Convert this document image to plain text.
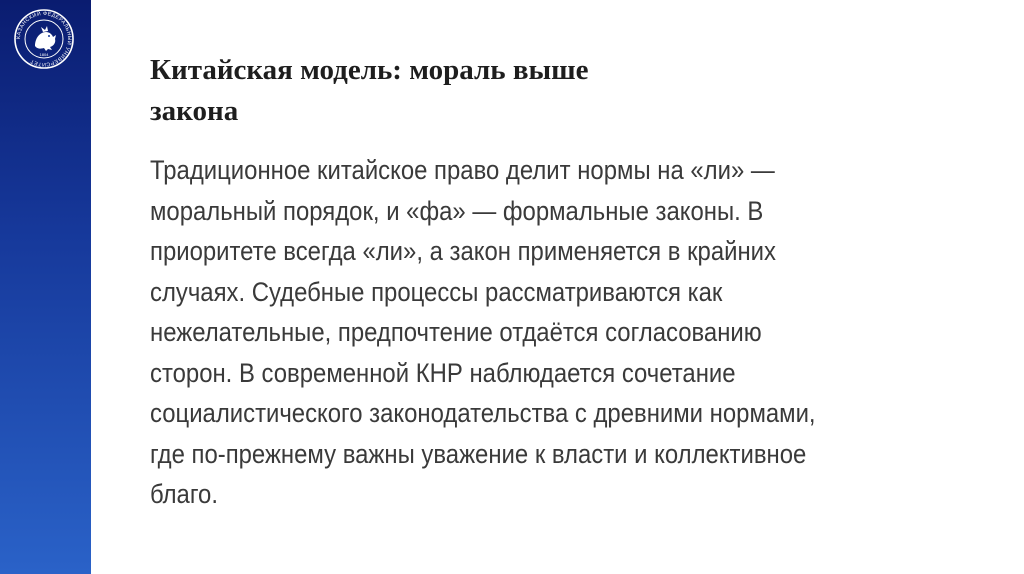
КАЗАНСКИЙ ФЕДЕРАЛЬНЫЙ УНИВЕРСИТЕТ
1804	Китайская модель: мораль выше
закона

Традиционное китайское право делит нормы на «ли» —
моральный порядок, и «фа» — формальные законы. В
приоритете всегда «ли», а закон применяется в крайних
случаях. Судебные процессы рассматриваются как
нежелательные, предпочтение отдаётся согласованию
сторон. В современной КНР наблюдается сочетание
социалистического законодательства с древними нормами,
где по-прежнему важны уважение к власти и коллективное
благо.
